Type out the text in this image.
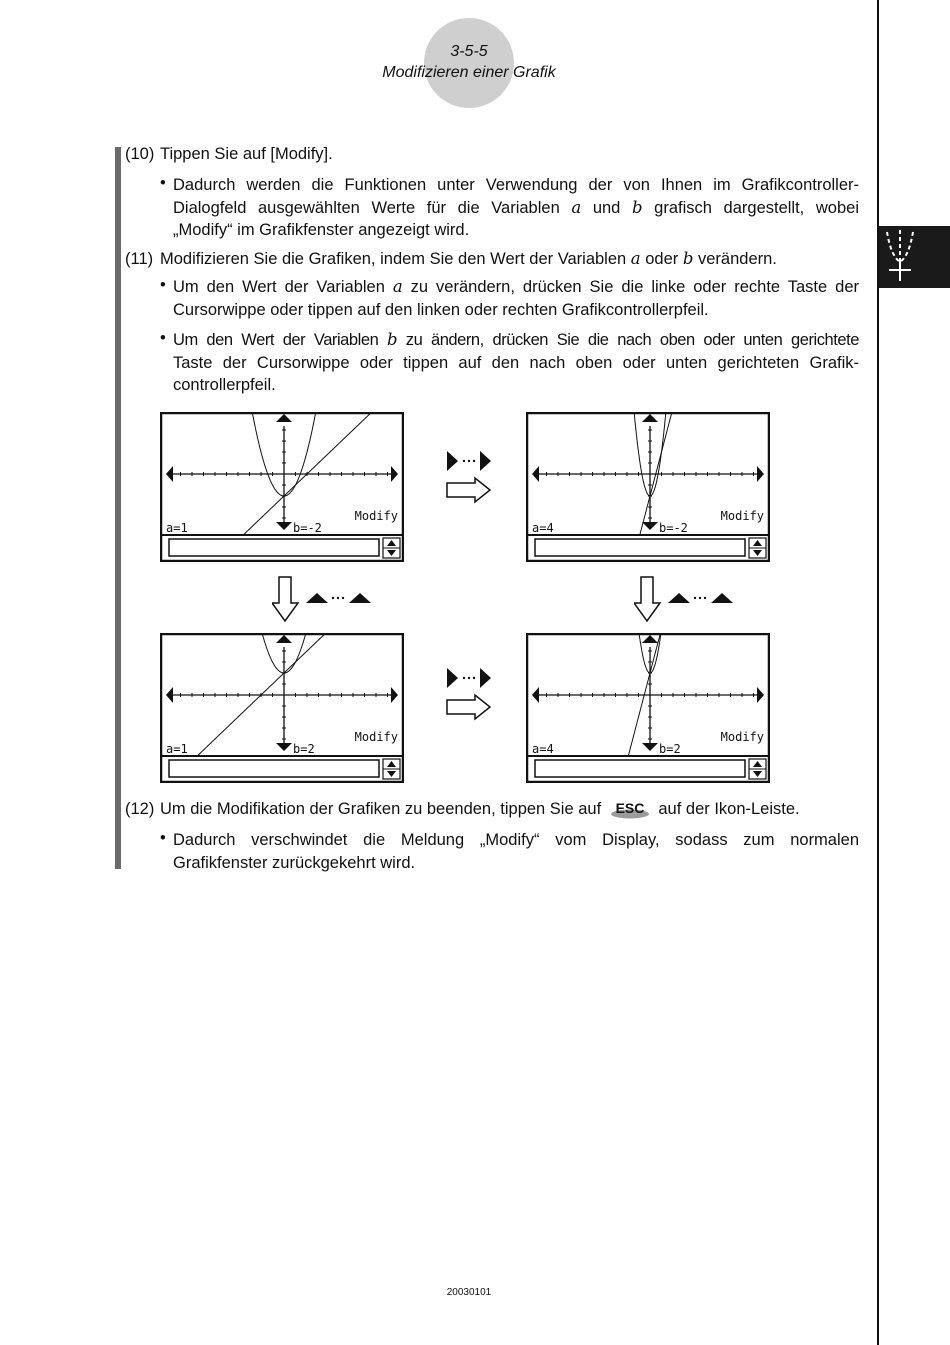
3-5-5
Modifizieren einer Grafik
(10) Tippen Sie auf [Modify].
• Dadurch werden die Funktionen unter Verwendung der von Ihnen im Grafikcontroller-
Dialogfeld ausgewählten Werte für die Variablen a und b grafisch dargestellt, wobei
„Modify“ im Grafikfenster angezeigt wird.
(11) Modifizieren Sie die Grafiken, indem Sie den Wert der Variablen a oder b verändern.
• Um den Wert der Variablen a zu verändern, drücken Sie die linke oder rechte Taste der
Cursorwippe oder tippen auf den linken oder rechten Grafikcontrollerpfeil.
• Um den Wert der Variablen b zu ändern, drücken Sie die nach oben oder unten gerichtete
Taste der Cursorwippe oder tippen auf den nach oben oder unten gerichteten Grafik-
controllerpfeil.
a=1	b=-2
Modify
a=4	b=-2
Modify
a=1	b=2
Modify
a=4	b=2
Modify
(12) Um die Modifikation der Grafiken zu beenden, tippen Sie auf ESC auf der Ikon-Leiste.
• Dadurch verschwindet die Meldung „Modify“ vom Display, sodass zum normalen
Grafikfenster zurückgekehrt wird.
20030101
